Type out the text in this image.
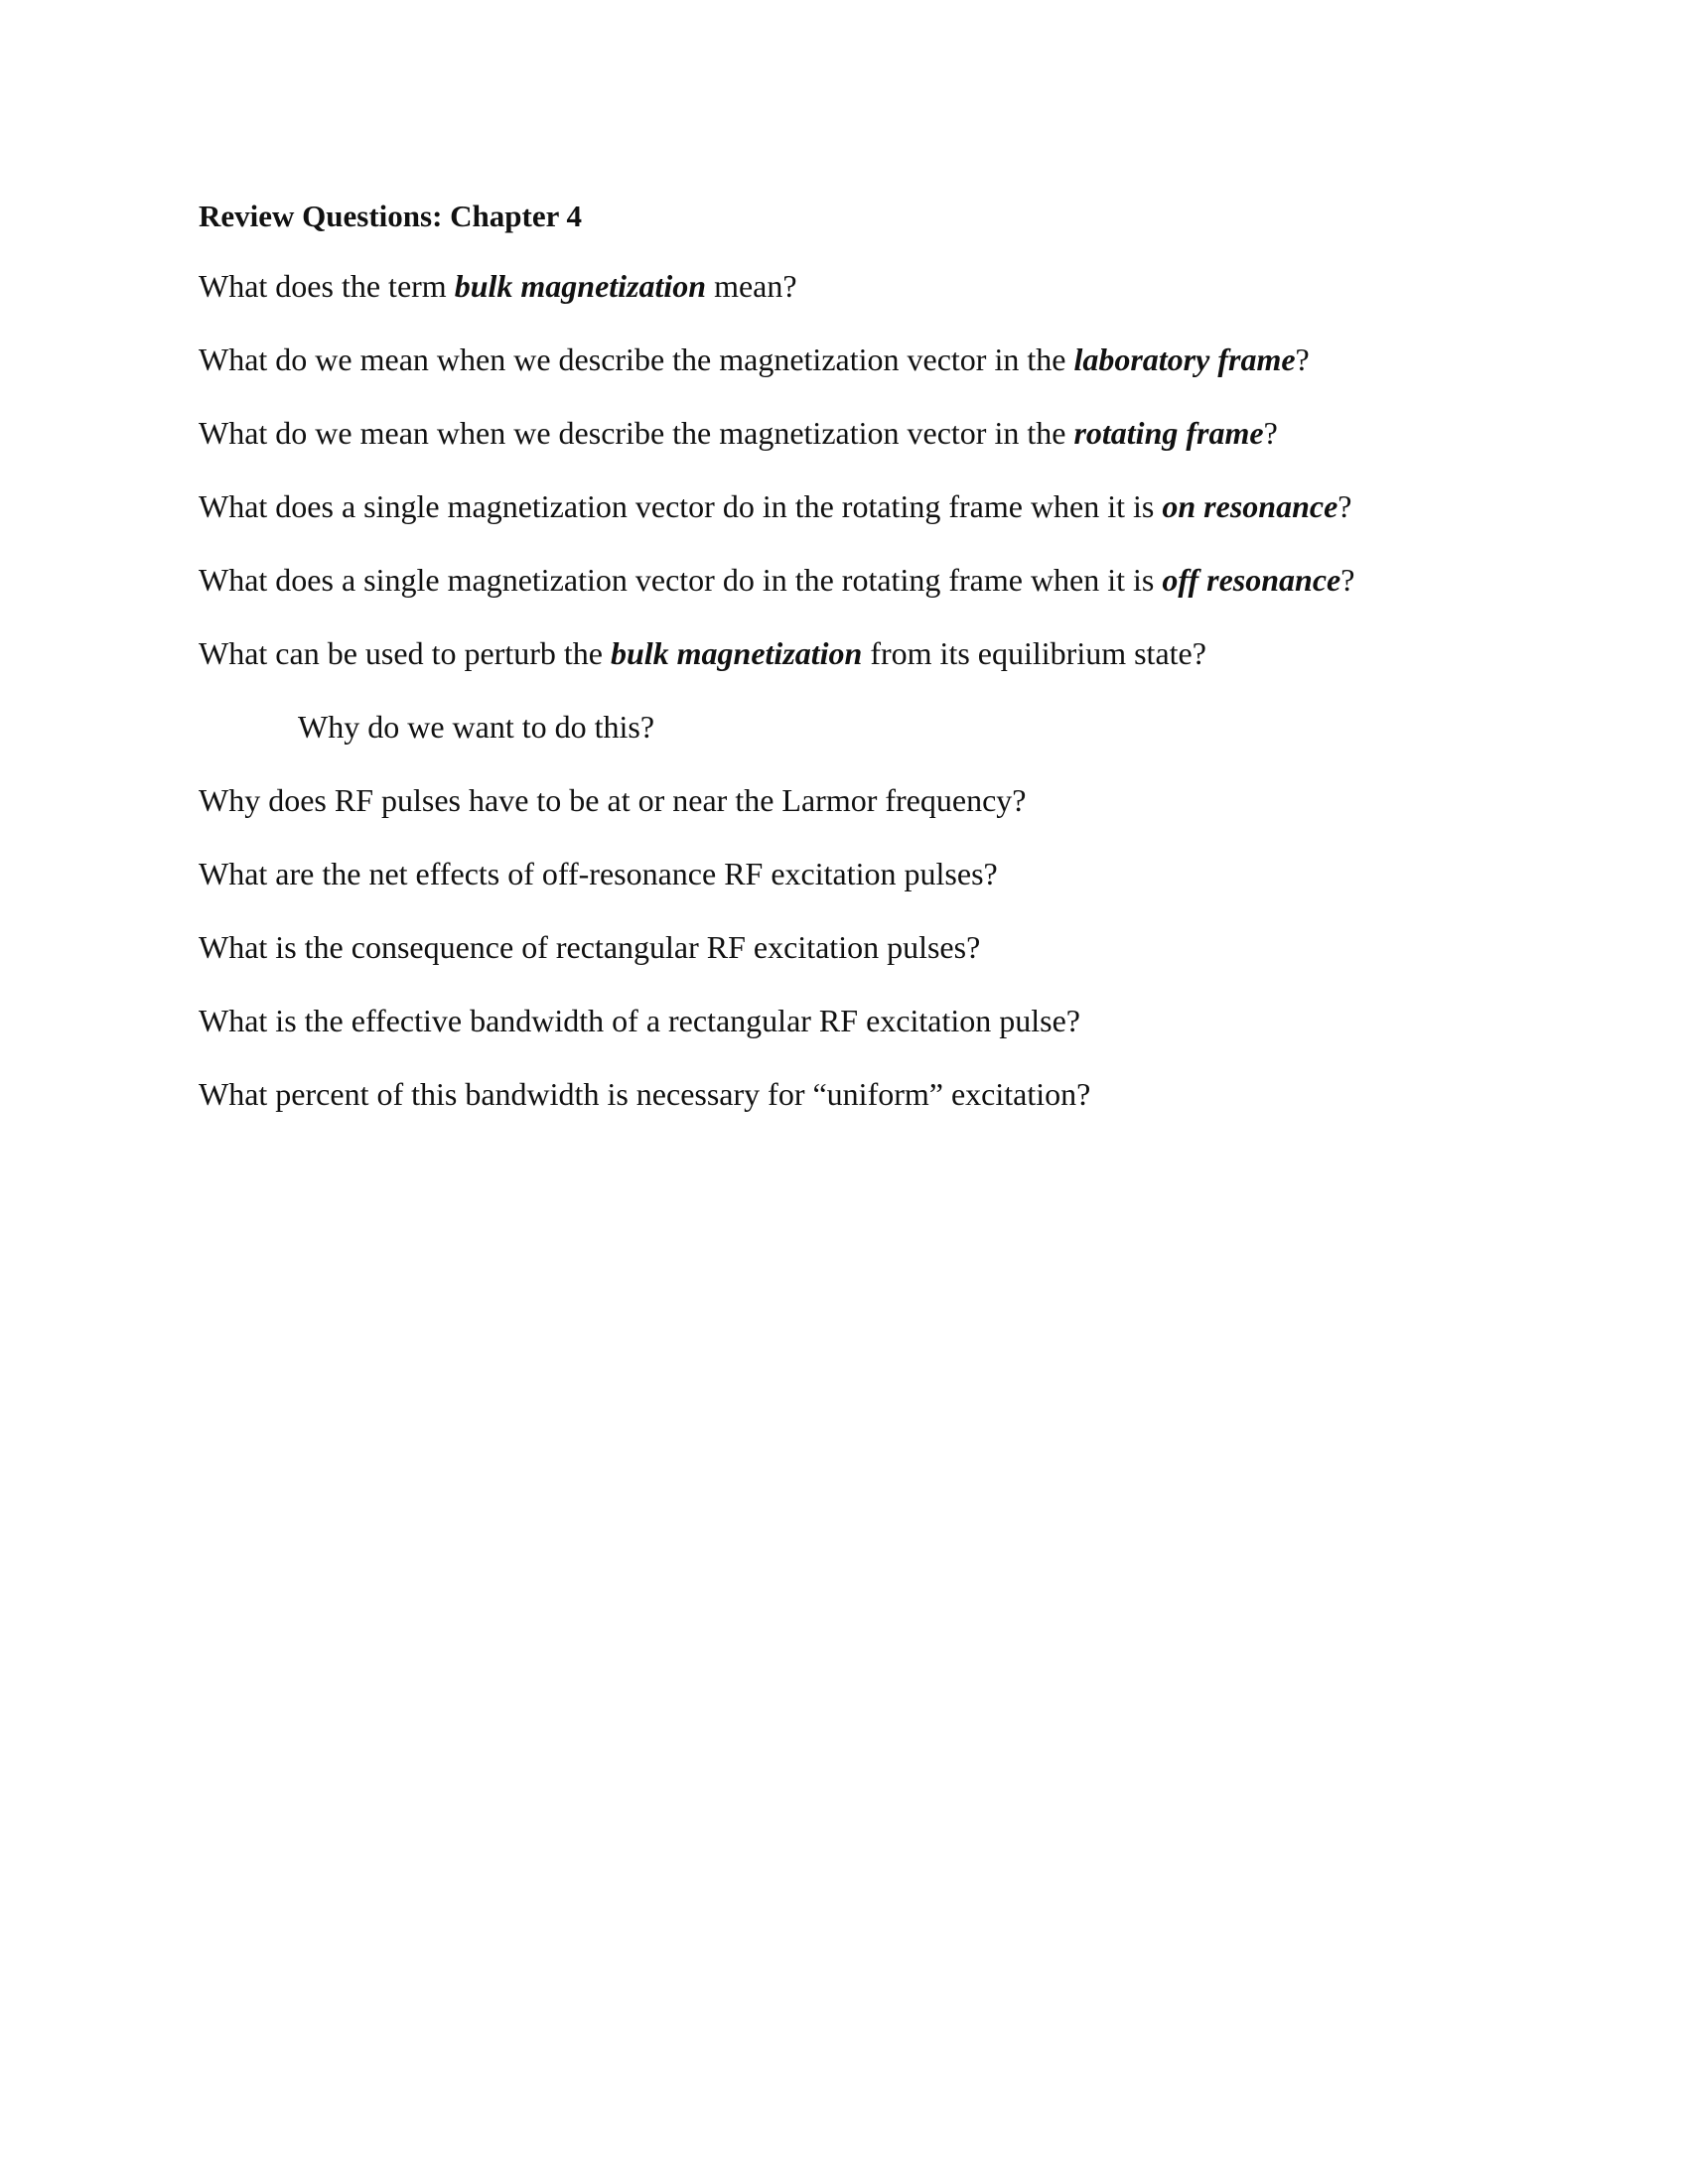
Review Questions: Chapter 4
What does the term bulk magnetization mean?
What do we mean when we describe the magnetization vector in the laboratory frame?
What do we mean when we describe the magnetization vector in the rotating frame?
What does a single magnetization vector do in the rotating frame when it is on resonance?
What does a single magnetization vector do in the rotating frame when it is off resonance?
What can be used to perturb the bulk magnetization from its equilibrium state?
Why do we want to do this?
Why does RF pulses have to be at or near the Larmor frequency?
What are the net effects of off-resonance RF excitation pulses?
What is the consequence of rectangular RF excitation pulses?
What is the effective bandwidth of a rectangular RF excitation pulse?
What percent of this bandwidth is necessary for “uniform” excitation?
